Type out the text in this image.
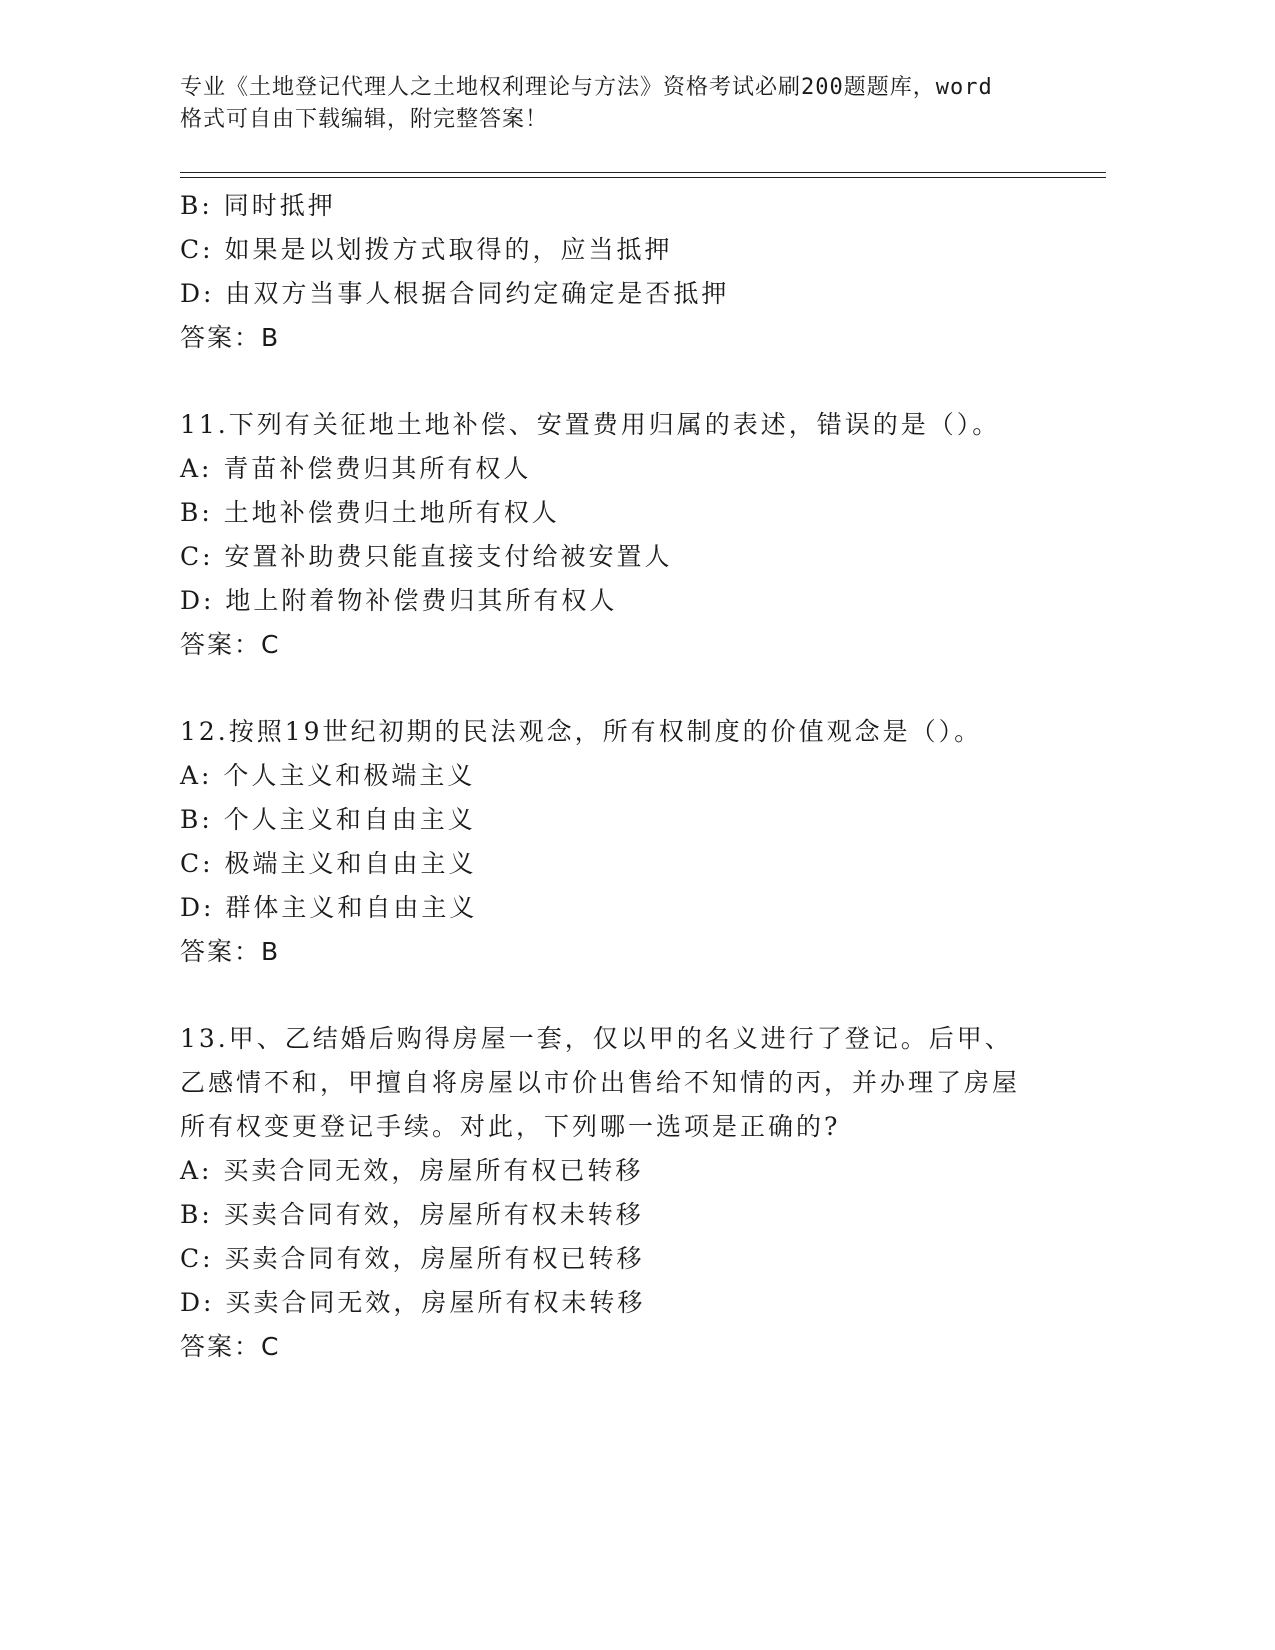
专业《土地登记代理人之土地权利理论与方法》资格考试必刷200题题库，word
格式可自由下载编辑，附完整答案！
B: 同时抵押
C: 如果是以划拨方式取得的，应当抵押
D: 由双方当事人根据合同约定确定是否抵押
答案：B
11.下列有关征地土地补偿、安置费用归属的表述，错误的是（）。
A: 青苗补偿费归其所有权人
B: 土地补偿费归土地所有权人
C: 安置补助费只能直接支付给被安置人
D: 地上附着物补偿费归其所有权人
答案：C
12.按照19世纪初期的民法观念，所有权制度的价值观念是（）。
A: 个人主义和极端主义
B: 个人主义和自由主义
C: 极端主义和自由主义
D: 群体主义和自由主义
答案：B
13.甲、乙结婚后购得房屋一套，仅以甲的名义进行了登记。后甲、乙感情不和，甲擅自将房屋以市价出售给不知情的丙，并办理了房屋所有权变更登记手续。对此，下列哪一选项是正确的?
A: 买卖合同无效，房屋所有权已转移
B: 买卖合同有效，房屋所有权未转移
C: 买卖合同有效，房屋所有权已转移
D: 买卖合同无效，房屋所有权未转移
答案：C
